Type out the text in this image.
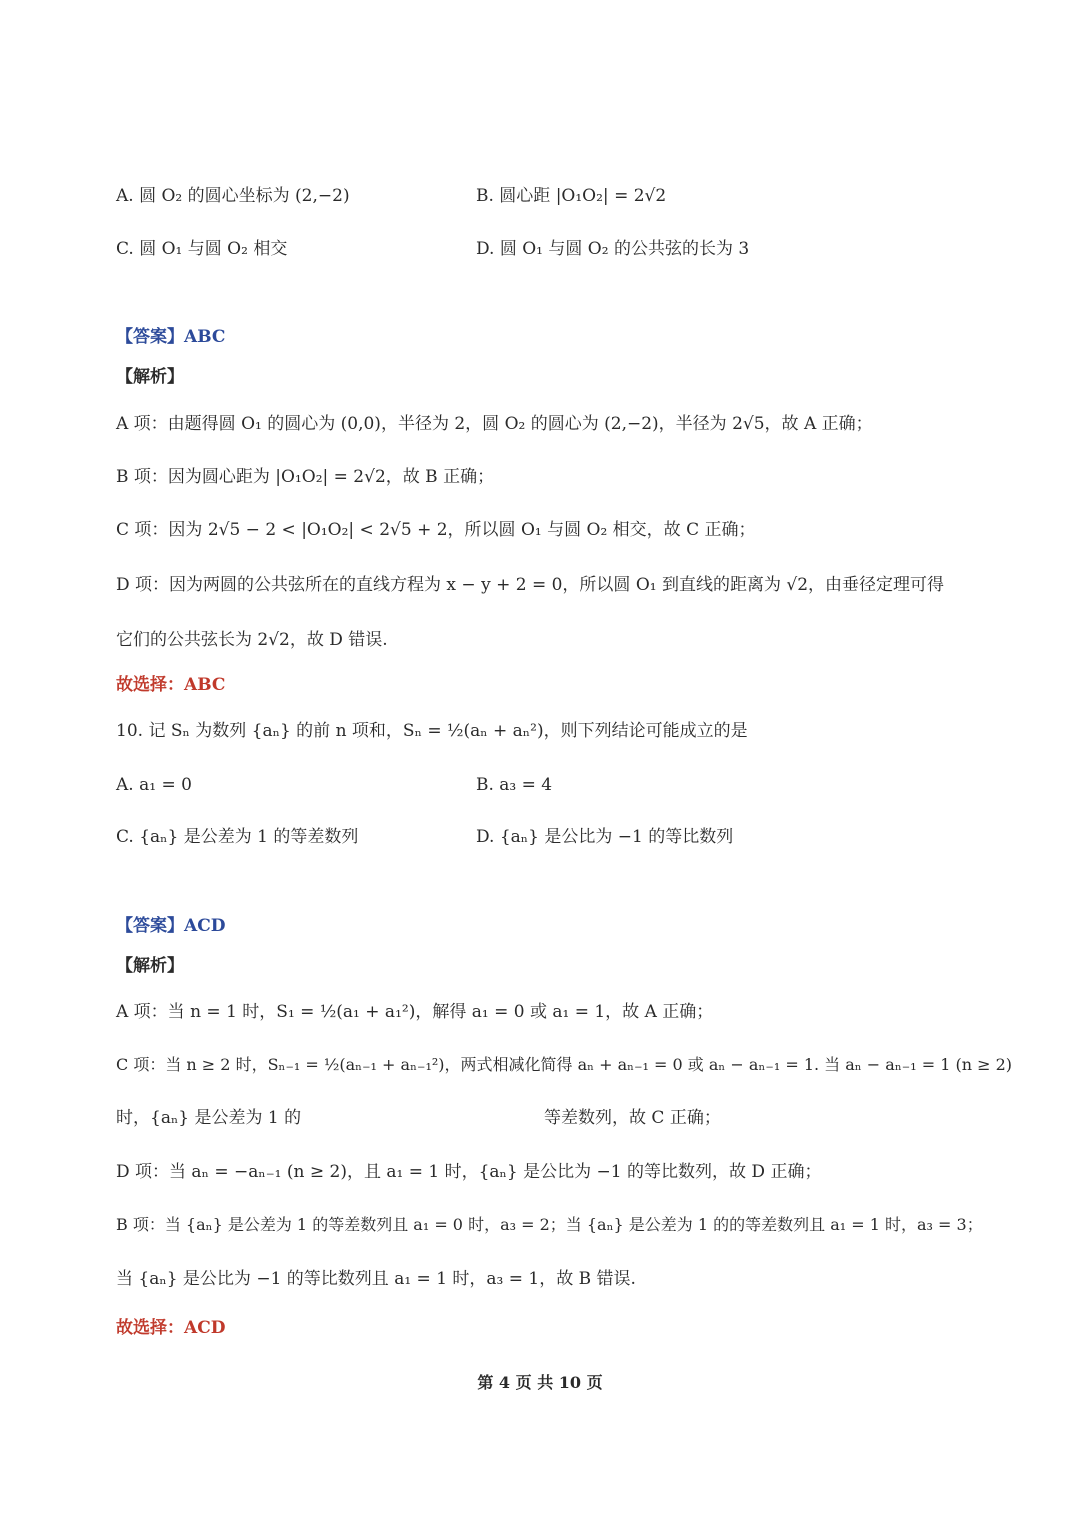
A. 圆 O₂ 的圆心坐标为 (2,−2)	B. 圆心距 |O₁O₂| = 2√2
C. 圆 O₁ 与圆 O₂ 相交	D. 圆 O₁ 与圆 O₂ 的公共弦的长为 3
【答案】ABC
【解析】
A 项：由题得圆 O₁ 的圆心为 (0,0)，半径为 2，圆 O₂ 的圆心为 (2,−2)，半径为 2√5，故 A 正确；
B 项：因为圆心距为 |O₁O₂| = 2√2，故 B 正确；
C 项：因为 2√5 − 2 < |O₁O₂| < 2√5 + 2，所以圆 O₁ 与圆 O₂ 相交，故 C 正确；
D 项：因为两圆的公共弦所在的直线方程为 x − y + 2 = 0，所以圆 O₁ 到直线的距离为 √2，由垂径定理可得
它们的公共弦长为 2√2，故 D 错误.
故选择：ABC
10. 记 Sₙ 为数列 {aₙ} 的前 n 项和，Sₙ = ½(aₙ + aₙ²)，则下列结论可能成立的是
A. a₁ = 0	B. a₃ = 4
C. {aₙ} 是公差为 1 的等差数列	D. {aₙ} 是公比为 −1 的等比数列
【答案】ACD
【解析】
A 项：当 n = 1 时，S₁ = ½(a₁ + a₁²)，解得 a₁ = 0 或 a₁ = 1，故 A 正确；
C 项：当 n ≥ 2 时，Sₙ₋₁ = ½(aₙ₋₁ + aₙ₋₁²)，两式相减化简得 aₙ + aₙ₋₁ = 0 或 aₙ − aₙ₋₁ = 1. 当 aₙ − aₙ₋₁ = 1 (n ≥ 2)
时，{aₙ} 是公差为 1 的	等差数列，故 C 正确；
D 项：当 aₙ = −aₙ₋₁ (n ≥ 2)，且 a₁ = 1 时，{aₙ} 是公比为 −1 的等比数列，故 D 正确；
B 项：当 {aₙ} 是公差为 1 的等差数列且 a₁ = 0 时，a₃ = 2；当 {aₙ} 是公差为 1 的的等差数列且 a₁ = 1 时，a₃ = 3；
当 {aₙ} 是公比为 −1 的等比数列且 a₁ = 1 时，a₃ = 1，故 B 错误.
故选择：ACD
第 4 页 共 10 页
